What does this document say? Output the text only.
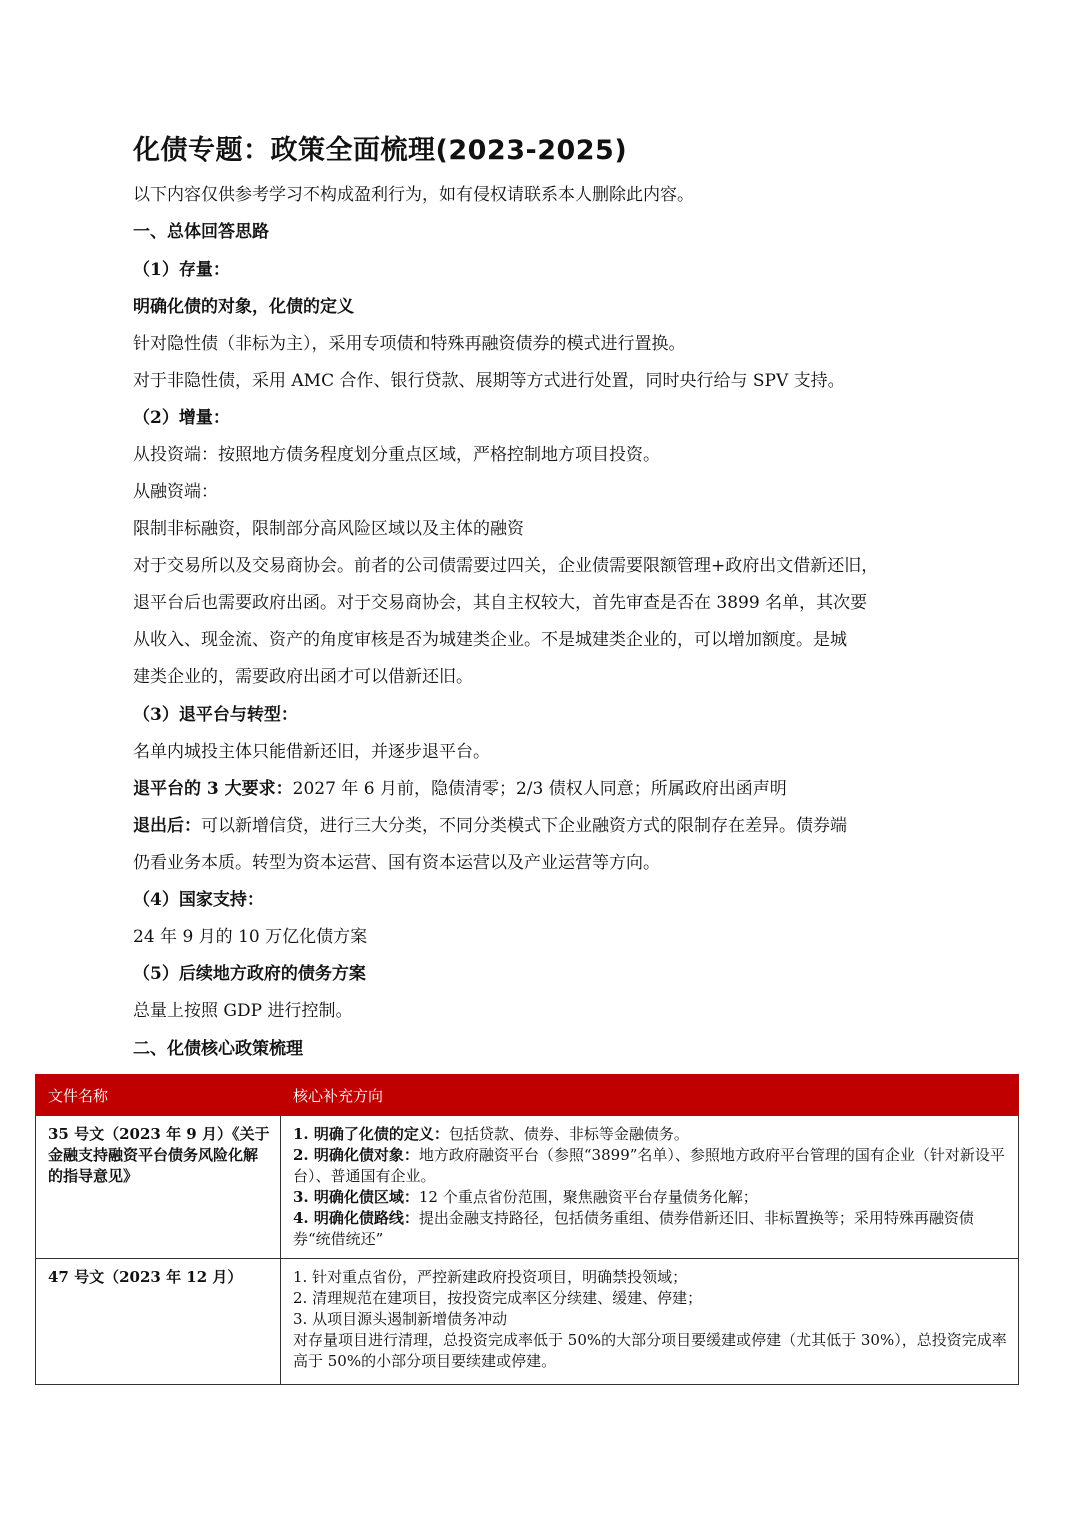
化债专题：政策全面梳理(2023-2025)
以下内容仅供参考学习不构成盈利行为，如有侵权请联系本人删除此内容。
一、总体回答思路
（1）存量：
明确化债的对象，化债的定义
针对隐性债（非标为主），采用专项债和特殊再融资债券的模式进行置换。
对于非隐性债，采用 AMC 合作、银行贷款、展期等方式进行处置，同时央行给与 SPV 支持。
（2）增量：
从投资端：按照地方债务程度划分重点区域，严格控制地方项目投资。
从融资端：
限制非标融资，限制部分高风险区域以及主体的融资
对于交易所以及交易商协会。前者的公司债需要过四关，企业债需要限额管理+政府出文借新还旧，
退平台后也需要政府出函。对于交易商协会，其自主权较大，首先审查是否在 3899 名单，其次要
从收入、现金流、资产的角度审核是否为城建类企业。不是城建类企业的，可以增加额度。是城
建类企业的，需要政府出函才可以借新还旧。
（3）退平台与转型：
名单内城投主体只能借新还旧，并逐步退平台。
退平台的 3 大要求：2027 年 6 月前，隐债清零；2/3 债权人同意；所属政府出函声明
退出后：可以新增信贷，进行三大分类，不同分类模式下企业融资方式的限制存在差异。债券端
仍看业务本质。转型为资本运营、国有资本运营以及产业运营等方向。
（4）国家支持：
24 年 9 月的 10 万亿化债方案
（5）后续地方政府的债务方案
总量上按照 GDP 进行控制。
二、化债核心政策梳理
文件名称	核心补充方向
35 号文（2023 年 9 月）《关于金融支持融资平台债务风险化解的指导意见》	1. 明确了化债的定义：包括贷款、债券、非标等金融债务。
2. 明确化债对象：地方政府融资平台（参照“3899”名单）、参照地方政府平台管理的国有企业（针对新设平台）、普通国有企业。
3. 明确化债区域：12 个重点省份范围，聚焦融资平台存量债务化解；
4. 明确化债路线：提出金融支持路径，包括债务重组、债券借新还旧、非标置换等；采用特殊再融资债券“统借统还”

47 号文（2023 年 12 月）	1. 针对重点省份，严控新建政府投资项目，明确禁投领域；
2. 清理规范在建项目，按投资完成率区分续建、缓建、停建；
3. 从项目源头遏制新增债务冲动
对存量项目进行清理，总投资完成率低于 50%的大部分项目要缓建或停建（尤其低于 30%），总投资完成率高于 50%的小部分项目要续建或停建。
